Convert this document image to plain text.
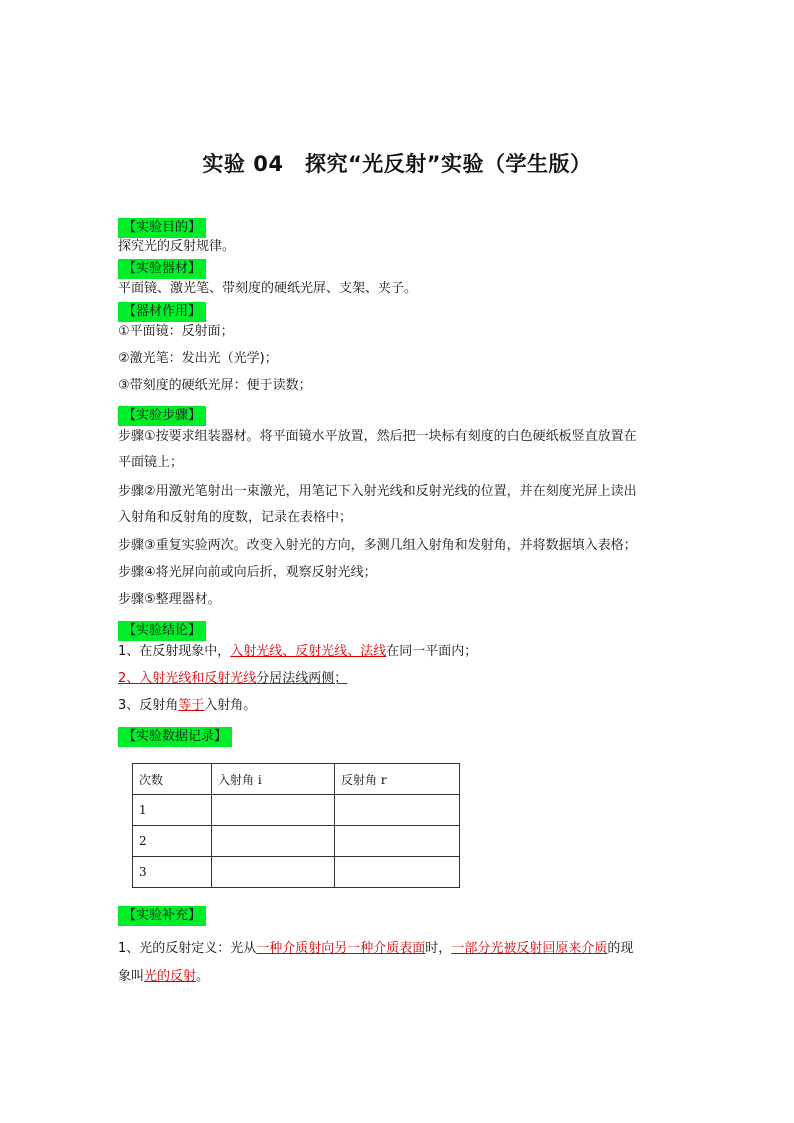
实验 04　探究“光反射”实验（学生版）
【实验目的】
探究光的反射规律。
【实验器材】
平面镜、激光笔、带刻度的硬纸光屏、支架、夹子。
【器材作用】
①平面镜：反射面；
②激光笔：发出光（光学)；
③带刻度的硬纸光屏：便于读数；
【实验步骤】
步骤①按要求组装器材。将平面镜水平放置，然后把一块标有刻度的白色硬纸板竖直放置在
平面镜上；
步骤②用激光笔射出一束激光，用笔记下入射光线和反射光线的位置，并在刻度光屏上读出
入射角和反射角的度数，记录在表格中；
步骤③重复实验两次。改变入射光的方向，多测几组入射角和发射角，并将数据填入表格；
步骤④将光屏向前或向后折，观察反射光线；
步骤⑤整理器材。
【实验结论】
1、在反射现象中，入射光线、反射光线、法线在同一平面内；
2、入射光线和反射光线分居法线两侧；
3、反射角等于入射角。
【实验数据记录】
次数	入射角 i	反射角 r
1		
2		
3		
【实验补充】
1、光的反射定义：光从一种介质射向另一种介质表面时，一部分光被反射回原来介质的现
象叫光的反射。
